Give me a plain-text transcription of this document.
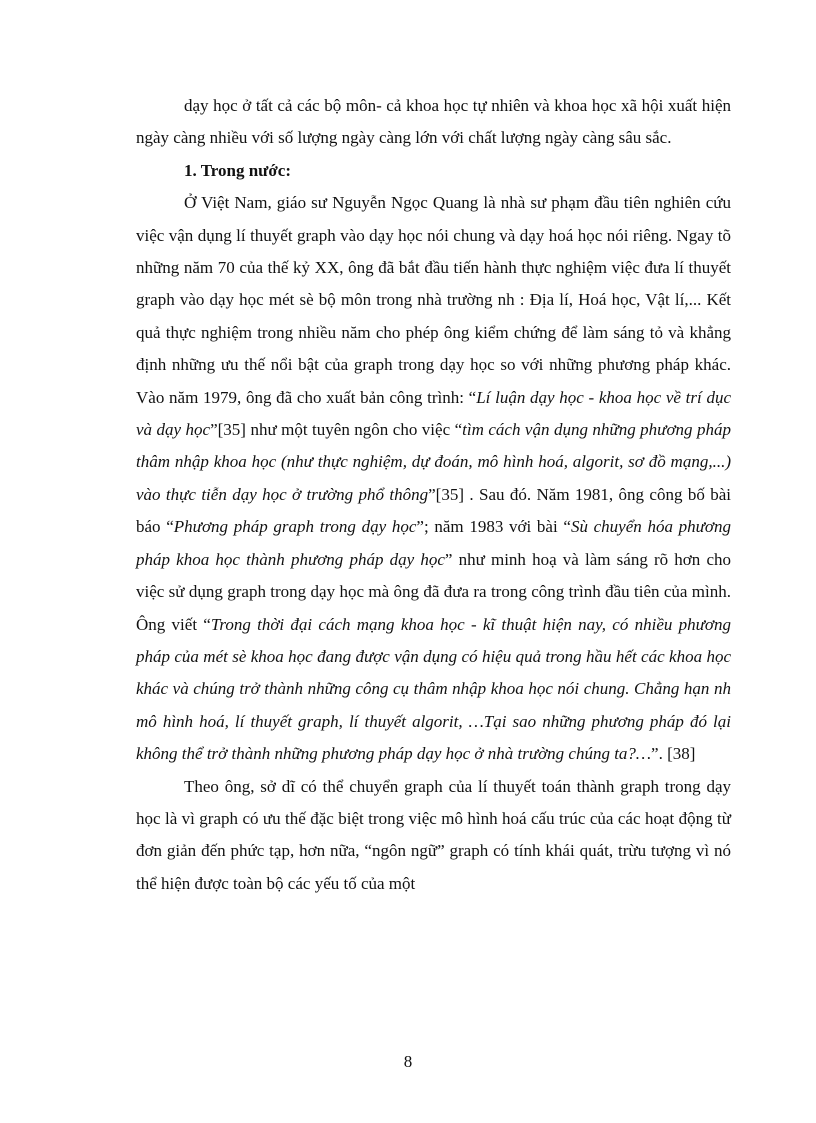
dạy học ở tất cả các bộ môn- cả khoa học tự nhiên và khoa học xã hội xuất hiện ngày càng nhiều với số lượng ngày càng lớn với chất lượng ngày càng sâu sắc.

1. Trong nước:

Ở Việt Nam, giáo sư Nguyễn Ngọc Quang là nhà sư phạm đầu tiên nghiên cứu việc vận dụng lí thuyết graph vào dạy học nói chung và dạy hoá học nói riêng. Ngay tõ những năm 70 của thế kỷ XX, ông đã bắt đầu tiến hành thực nghiệm việc đưa lí thuyết graph vào dạy học mét sè bộ môn trong nhà trường nh : Địa lí, Hoá học, Vật lí,... Kết quả thực nghiệm trong nhiều năm cho phép ông kiểm chứng để làm sáng tỏ và khẳng định những ưu thế nổi bật của graph trong dạy học so với những phương pháp khác. Vào năm 1979, ông đã cho xuất bản công trình: “Lí luận dạy học - khoa học về trí dục và dạy học”[35] như một tuyên ngôn cho việc “tìm cách vận dụng những phương pháp thâm nhập khoa học (như thực nghiệm, dự đoán, mô hình hoá, algorit, sơ đồ mạng,...) vào thực tiễn dạy học ở trường phổ thông”[35] . Sau đó. Năm 1981, ông công bố bài báo “Phương pháp graph trong dạy học”; năm 1983 với bài “Sù chuyển hóa phương pháp khoa học thành phương pháp dạy học” như minh hoạ và làm sáng rõ hơn cho việc sử dụng graph trong dạy học mà ông đã đưa ra trong công trình đầu tiên của mình. Ông viết “Trong thời đại cách mạng khoa học - kĩ thuật hiện nay, có nhiều phương pháp của mét sè khoa học đang được vận dụng có hiệu quả trong hầu hết các khoa học khác và chúng trở thành những công cụ thâm nhập khoa học nói chung. Chẳng hạn nh mô hình hoá, lí thuyết graph, lí thuyết algorit, …Tại sao những phương pháp đó lại không thể trở thành những phương pháp dạy học ở nhà trường chúng ta?…”. [38]

Theo ông, sở dĩ có thể chuyển graph của lí thuyết toán thành graph trong dạy học là vì graph có ưu thế đặc biệt trong việc mô hình hoá cấu trúc của các hoạt động từ đơn giản đến phức tạp, hơn nữa, “ngôn ngữ” graph có tính khái quát, trừu tượng vì nó thể hiện được toàn bộ các yếu tố của một

8
